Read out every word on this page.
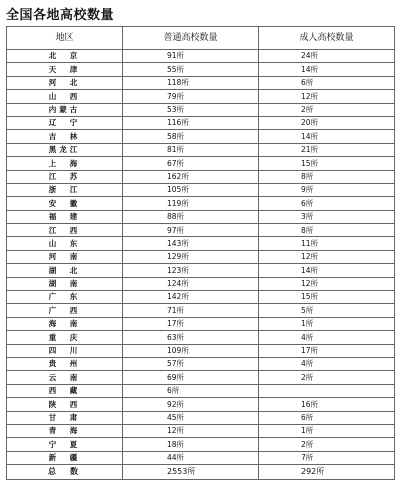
全国各地高校数量
地区	普通高校数量	成人高校数量
北　京	91所	24所
天　津	55所	14所
河　北	118所	6所
山　西	79所	12所
内蒙古	53所	2所
辽　宁	116所	20所
吉　林	58所	14所
黑龙江	81所	21所
上　海	67所	15所
江　苏	162所	8所
浙　江	105所	9所
安　徽	119所	6所
福　建	88所	3所
江　西	97所	8所
山　东	143所	11所
河　南	129所	12所
湖　北	123所	14所
湖　南	124所	12所
广　东	142所	15所
广　西	71所	5所
海　南	17所	1所
重　庆	63所	4所
四　川	109所	17所
贵　州	57所	4所
云　南	69所	2所
西　藏	6所	
陕　西	92所	16所
甘　肃	45所	6所
青　海	12所	1所
宁　夏	18所	2所
新　疆	44所	7所
总　数	2553所	292所
